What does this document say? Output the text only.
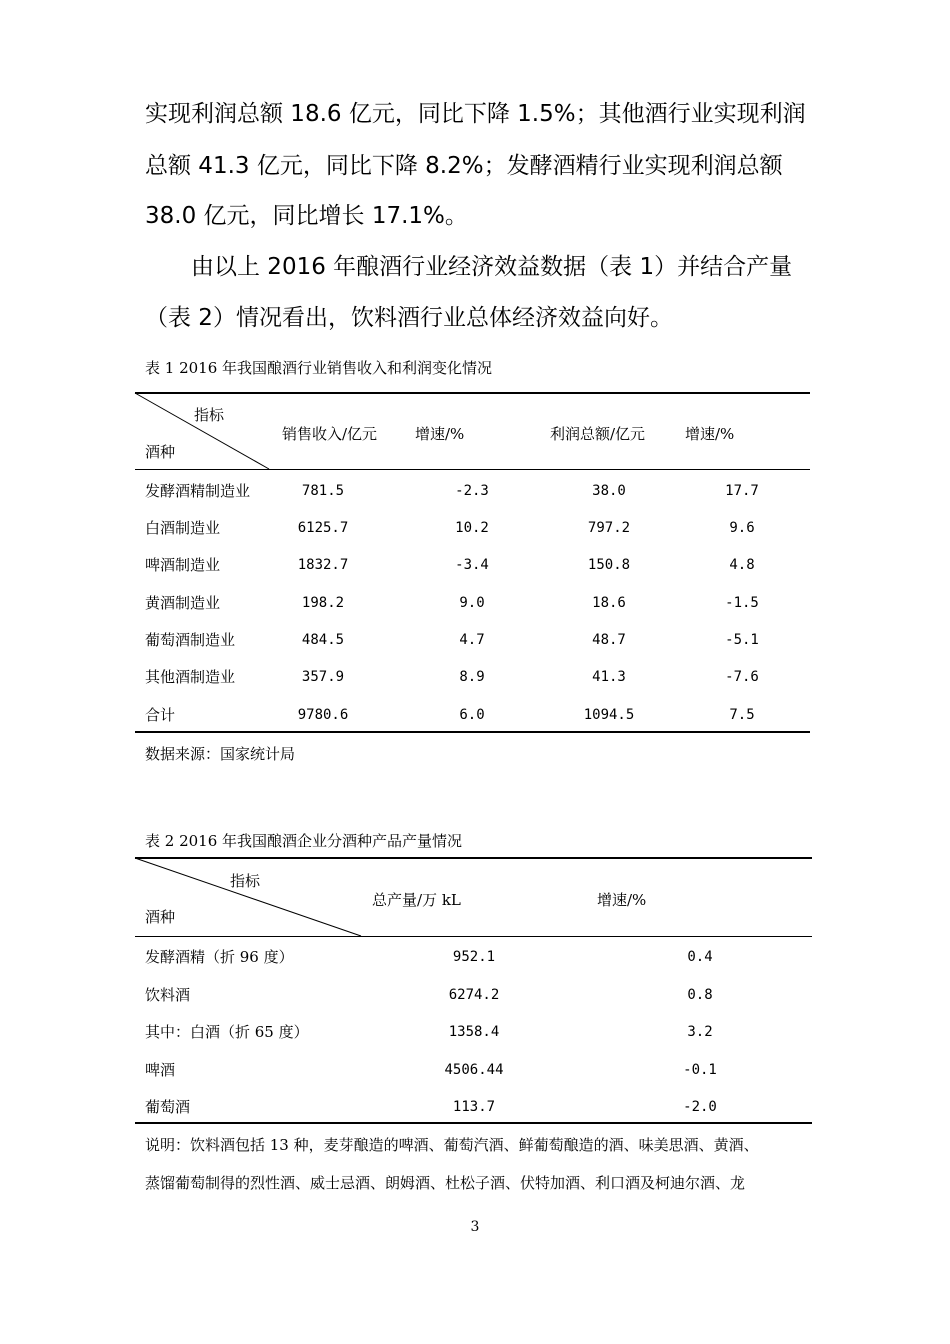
实现利润总额 18.6 亿元，同比下降 1.5%；其他酒行业实现利润
总额 41.3 亿元，同比下降 8.2%；发酵酒精行业实现利润总额
38.0 亿元，同比增长 17.1%。
由以上 2016 年酿酒行业经济效益数据（表 1）并结合产量
（表 2）情况看出，饮料酒行业总体经济效益向好。
表 1 2016 年我国酿酒行业销售收入和利润变化情况
指标
酒种
销售收入/亿元	增速/%	利润总额/亿元	增速/%
发酵酒精制造业	781.5	-2.3	38.0	17.7
白酒制造业	6125.7	10.2	797.2	9.6
啤酒制造业	1832.7	-3.4	150.8	4.8
黄酒制造业	198.2	9.0	18.6	-1.5
葡萄酒制造业	484.5	4.7	48.7	-5.1
其他酒制造业	357.9	8.9	41.3	-7.6
合计	9780.6	6.0	1094.5	7.5
数据来源：国家统计局
表 2 2016 年我国酿酒企业分酒种产品产量情况
指标
酒种
总产量/万 kL	增速/%
发酵酒精（折 96 度）	952.1	0.4
饮料酒	6274.2	0.8
其中：白酒（折 65 度）	1358.4	3.2
啤酒	4506.44	-0.1
葡萄酒	113.7	-2.0
说明：饮料酒包括 13 种，麦芽酿造的啤酒、葡萄汽酒、鲜葡萄酿造的酒、味美思酒、黄酒、
蒸馏葡萄制得的烈性酒、威士忌酒、朗姆酒、杜松子酒、伏特加酒、利口酒及柯迪尔酒、龙
3
